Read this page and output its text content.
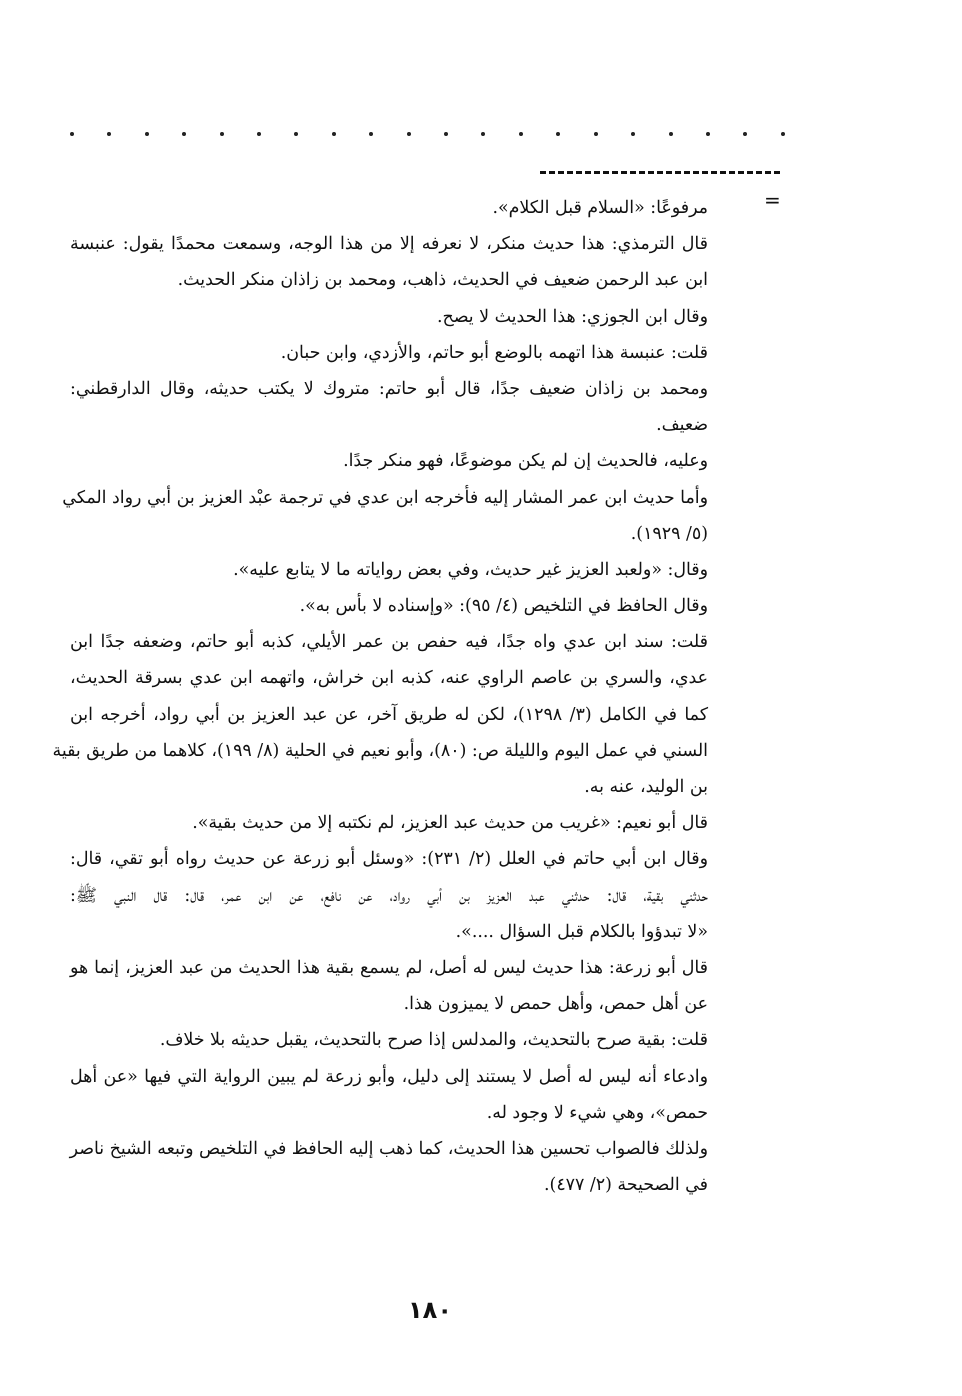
=
مرفوعًا: «السلام قبل الكلام».
قال الترمذي: هذا حديث منكر، لا نعرفه إلا من هذا الوجه، وسمعت محمدًا يقول: عنبسة
ابن عبد الرحمن ضعيف في الحديث، ذاهب، ومحمد بن زاذان منكر الحديث.
وقال ابن الجوزي: هذا الحديث لا يصح.
قلت: عنبسة هذا اتهمه بالوضع أبو حاتم، والأزدي، وابن حبان.
ومحمد بن زاذان ضعيف جدًا، قال أبو حاتم: متروك لا يكتب حديثه، وقال الدارقطني:
ضعيف.
وعليه، فالحديث إن لم يكن موضوعًا، فهو منكر جدًا.
وأما حديث ابن عمر المشار إليه فأخرجه ابن عدي في ترجمة عبْد العزيز بن أبي رواد المكي
(٥/ ١٩٢٩).
وقال: «ولعبد العزيز غير حديث، وفي بعض رواياته ما لا يتابع عليه».
وقال الحافظ في التلخيص (٤/ ٩٥): «وإسناده لا بأس به».
قلت: سند ابن عدي واه جدًا، فيه حفص بن عمر الأيلي، كذبه أبو حاتم، وضعفه جدًا ابن
عدي، والسري بن عاصم الراوي عنه، كذبه ابن خراش، واتهمه ابن عدي بسرقة الحديث،
كما في الكامل (٣/ ١٢٩٨)، لكن له طريق آخر، عن عبد العزيز بن أبي رواد، أخرجه ابن
السني في عمل اليوم والليلة ص: (٨٠)، وأبو نعيم في الحلية (٨/ ١٩٩)، كلاهما من طريق بقية
بن الوليد، عنه به.
قال أبو نعيم: «غريب من حديث عبد العزيز، لم نكتبه إلا من حديث بقية».
وقال ابن أبي حاتم في العلل (٢/ ٢٣١): «وسئل أبو زرعة عن حديث رواه أبو تقي، قال:
حدثني بقية، قال: حدثني عبد العزيز بن أبي رواد، عن نافع، عن ابن عمر، قال: قال النبي ﷺ:
«لا تبدؤوا بالكلام قبل السؤال ....».
قال أبو زرعة: هذا حديث ليس له أصل، لم يسمع بقية هذا الحديث من عبد العزيز، إنما هو
عن أهل حمص، وأهل حمص لا يميزون هذا.
قلت: بقية صرح بالتحديث، والمدلس إذا صرح بالتحديث، يقبل حديثه بلا خلاف.
وادعاء أنه ليس له أصل لا يستند إلى دليل، وأبو زرعة لم يبين الرواية التي فيها «عن أهل
حمص»، وهي شيء لا وجود له.
ولذلك فالصواب تحسين هذا الحديث، كما ذهب إليه الحافظ في التلخيص وتبعه الشيخ ناصر
في الصحيحة (٢/ ٤٧٧).
١٨٠
